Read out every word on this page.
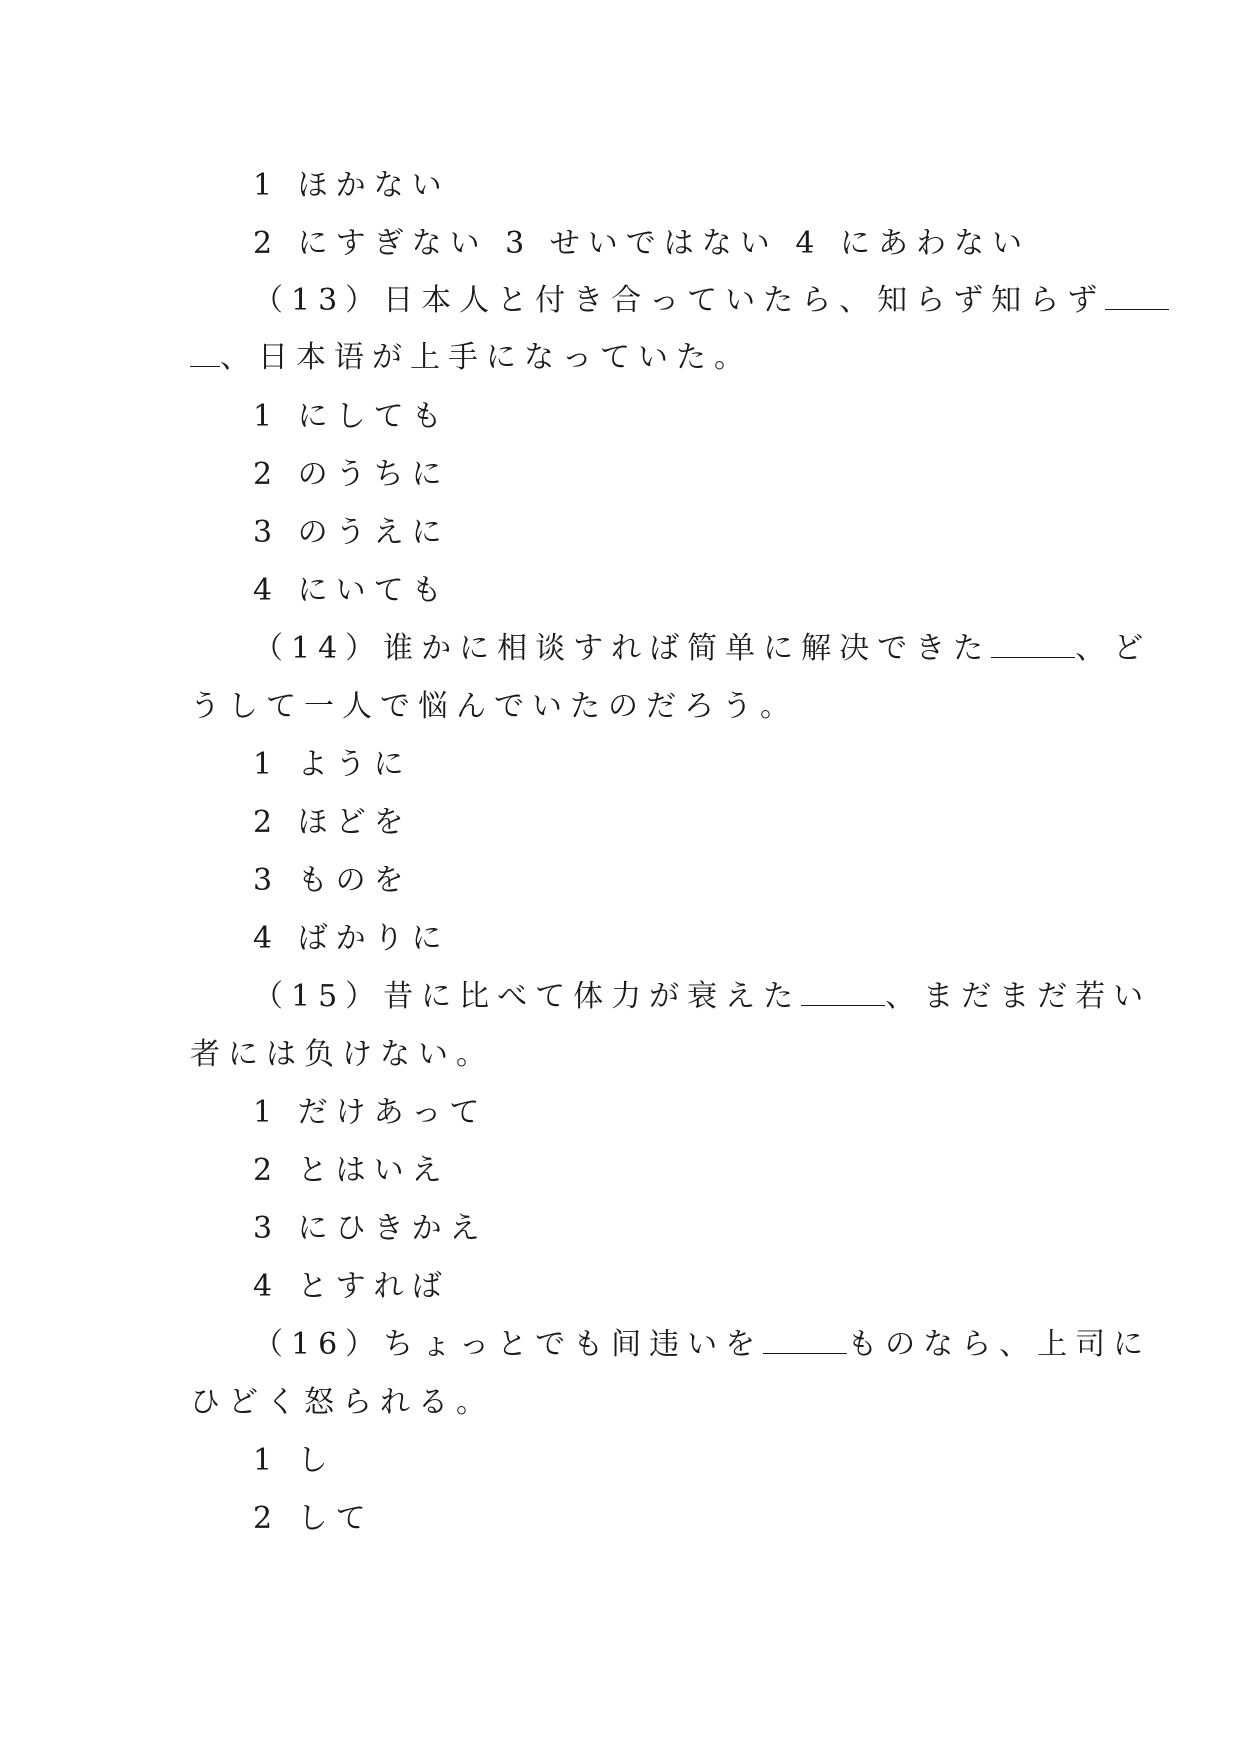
1 ほかない
2 にすぎない 3 せいではない 4 にあわない
（13）日本人と付き合っていたら、知らず知らず
、日本语が上手になっていた。
1 にしても
2 のうちに
3 のうえに
4 にいても
（14）谁かに相谈すれば简单に解决できた	、ど
うして一人で悩んでいたのだろう。
1 ように
2 ほどを
3 ものを
4 ばかりに
（15）昔に比べて体力が衰えた	、まだまだ若い
者には负けない。
1 だけあって
2 とはいえ
3 にひきかえ
4 とすれば
（16）ちょっとでも间违いを	ものなら、上司に
ひどく怒られる。
1 し
2 して
